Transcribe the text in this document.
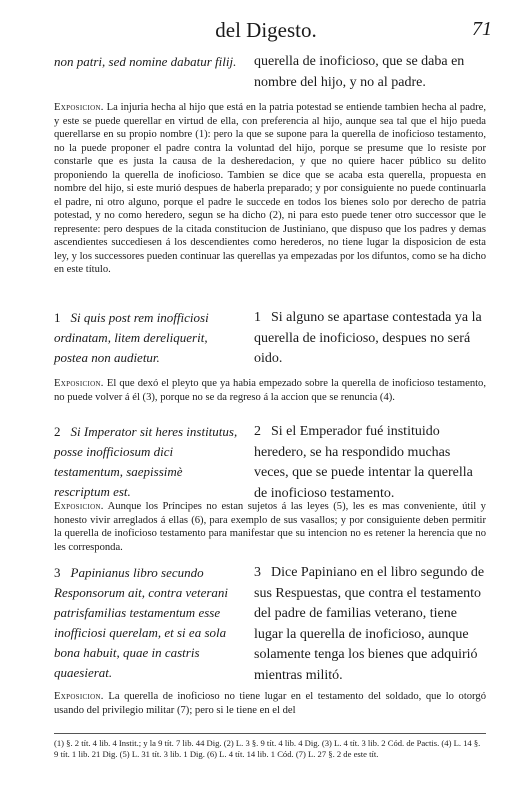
del Digesto.	71
non patri, sed nomine dabatur filij. querella de inoficioso, que se daba en nombre del hijo, y no al padre.
Exposicion. La injuria hecha al hijo que está en la patria potestad se entiende tambien hecha al padre, y este se puede querellar en virtud de ella, con preferencia al hijo, aunque sea tal que el hijo pueda querellarse en su propio nombre (1): pero la que se supone para la querella de inoficioso testamento, no la puede proponer el padre contra la voluntad del hijo, porque se presume que lo resiste por constarle que es justa la causa de la desheredacion, y que no quiere hacer público su delito proponiendo la querella de inoficioso. Tambien se dice que se acaba esta querella, propuesta en nombre del hijo, si este murió despues de haberla preparado; y por consiguiente no puede continuarla el padre, ni otro alguno, porque el padre le succede en todos los bienes solo por derecho de patria potestad, y no como heredero, segun se ha dicho (2), ni para esto puede tener otro successor que le represente: pero despues de la citada constitucion de Justiniano, que dispuso que los padres y demas ascendientes succediesen á los descendientes como herederos, no tiene lugar la disposicion de esta ley, y los successores pueden continuar las querellas ya empezadas por los difuntos, como se ha dicho en este título.
1 Si quis post rem inofficiosi ordinatam, litem dereliquerit, postea non audietur.
1 Si alguno se apartase contestada ya la querella de inoficioso, despues no será oido.
Exposicion. El que dexó el pleyto que ya habia empezado sobre la querella de inoficioso testamento, no puede volver á él (3), porque no se da regreso á la accion que se renuncia (4).
2 Si Imperator sit heres institutus, posse inofficiosum dici testamentum, saepissimè rescriptum est.
2 Si el Emperador fué instituido heredero, se ha respondido muchas veces, que se puede intentar la querella de inoficioso testamento.
Exposicion. Aunque los Príncipes no estan sujetos á las leyes (5), les es mas conveniente, útil y honesto vivir arreglados á ellas (6), para exemplo de sus vasallos; y por consiguiente deben permitir la querella de inoficioso testamento para manifestar que su intencion no es retener la herencia que no les corresponda.
3 Papinianus libro secundo Responsorum ait, contra veterani patrisfamilias testamentum esse inofficiosi querelam, et si ea sola bona habuit, quae in castris quaesierat.
3 Dice Papiniano en el libro segundo de sus Respuestas, que contra el testamento del padre de familias veterano, tiene lugar la querella de inoficioso, aunque solamente tenga los bienes que adquirió mientras militó.
Exposicion. La querella de inoficioso no tiene lugar en el testamento del soldado, que lo otorgó usando del privilegio militar (7); pero si le tiene en el del
(1) §. 2 tít. 4 lib. 4 Instit.; y la 9 tít. 7 lib. 44 Dig. (2) L. 3 §. 9 tít. 4 lib. 4 Dig. (3) L. 4 tít. 3 lib. 2 Cód. de Pactis. (4) L. 14 §. 9 tít. 1 lib. 21 Dig. (5) L. 31 tít. 3 lib. 1 Dig. (6) L. 4 tít. 14 lib. 1 Cód. (7) L. 27 §. 2 de este tít.
